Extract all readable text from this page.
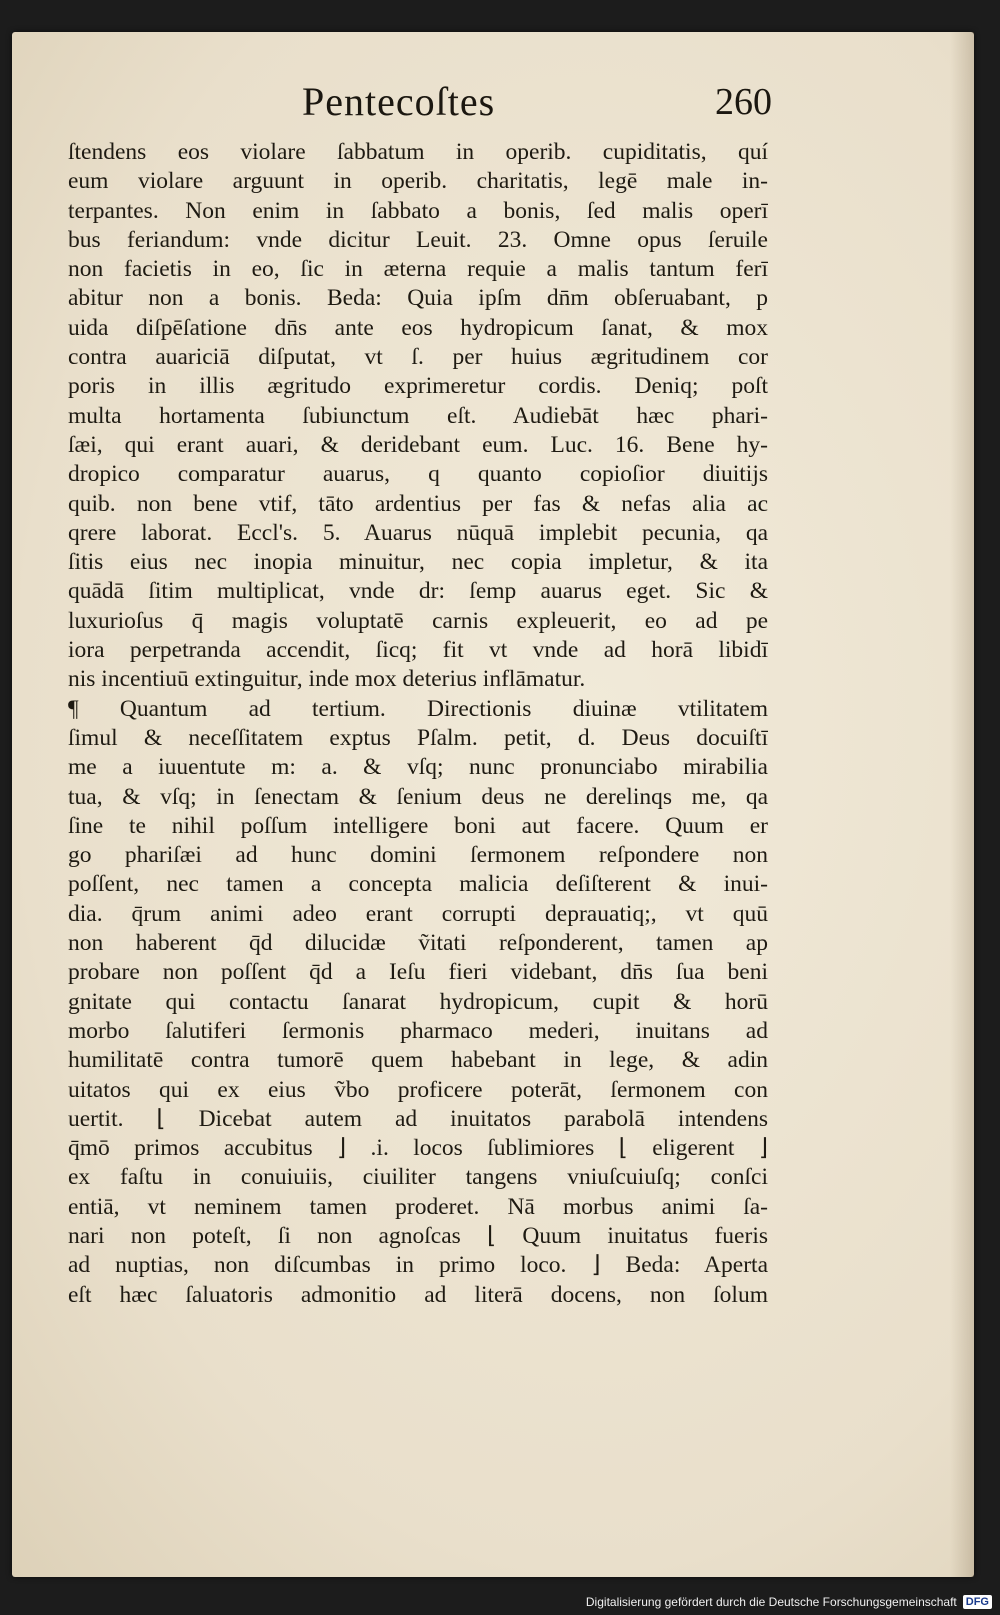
Pentecoſtes	260
ſtendens eos violare ſabbatum in operib. cupiditatis, quí
eum violare arguunt in operib. charitatis, legē male in-
terpantes. Non enim in ſabbato a bonis, ſed malis operī
bus feriandum: vnde dicitur Leuit. 23. Omne opus ſeruile
non facietis in eo, ſic in æterna requie a malis tantum ferī
abitur non a bonis. Beda: Quia ipſm dn̄m obſeruabant, p
uida diſpēſatione dn̄s ante eos hydropicum ſanat, & mox
contra auariciā diſputat, vt ſ. per huius ægritudinem cor
poris in illis ægritudo exprimeretur cordis. Deniq; poſt
multa hortamenta ſubiunctum eſt. Audiebāt hæc phari-
ſæi, qui erant auari, & deridebant eum. Luc. 16. Bene hy-
dropico comparatur auarus, q quanto copioſior diuitijs
quib. non bene vtif, tāto ardentius per fas & nefas alia ac
qrere laborat. Eccl's. 5. Auarus nūquā implebit pecunia, qa
ſitis eius nec inopia minuitur, nec copia impletur, & ita
quādā ſitim multiplicat, vnde dr: ſemp auarus eget. Sic &
luxurioſus q̄ magis voluptatē carnis expleuerit, eo ad pe
iora perpetranda accendit, ſicq; fit vt vnde ad horā libidī
nis incentiuū extinguitur, inde mox deterius inflāmatur.
¶ Quantum ad tertium. Directionis diuinæ vtilitatem
ſimul & neceſſitatem exptus Pſalm. petit, d. Deus docuiſtī
me a iuuentute m: a. & vſq; nunc pronunciabo mirabilia
tua, & vſq; in ſenectam & ſenium deus ne derelinqs me, qa
ſine te nihil poſſum intelligere boni aut facere. Quum er
go phariſæi ad hunc domini ſermonem reſpondere non
poſſent, nec tamen a concepta malicia deſiſterent & inui-
dia. q̄rum animi adeo erant corrupti deprauatiq;, vt quū
non haberent q̄d dilucidæ ṽitati reſponderent, tamen ap
probare non poſſent q̄d a Ieſu fieri videbant, dn̄s ſua beni
gnitate qui contactu ſanarat hydropicum, cupit & horū
morbo ſalutiferi ſermonis pharmaco mederi, inuitans ad
humilitatē contra tumorē quem habebant in lege, & adin
uitatos qui ex eius ṽbo proficere poterāt, ſermonem con
uertit. ⌊ Dicebat autem ad inuitatos parabolā intendens
q̄mō primos accubitus ⌋ .i. locos ſublimiores ⌊ eligerent ⌋
ex faſtu in conuiuiis, ciuiliter tangens vniuſcuiuſq; conſci
entiā, vt neminem tamen proderet. Nā morbus animi ſa-
nari non poteſt, ſi non agnoſcas ⌊ Quum inuitatus fueris
ad nuptias, non diſcumbas in primo loco. ⌋ Beda: Aperta
eſt hæc ſaluatoris admonitio ad literā docens, non ſolum
Digitalisierung gefördert durch die Deutsche Forschungsgemeinschaft DFG
